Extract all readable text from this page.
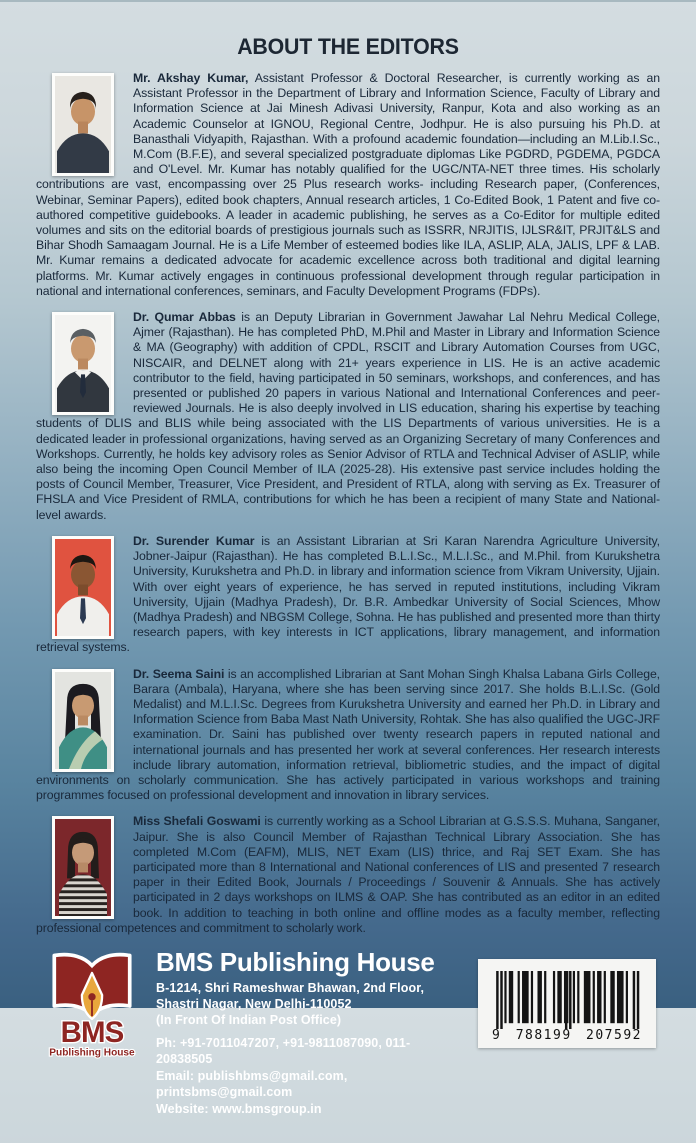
ABOUT THE EDITORS

Mr. Akshay Kumar, Assistant Professor & Doctoral Researcher, is currently working as an Assistant Professor in the Department of Library and Information Science, Faculty of Library and Information Science at Jai Minesh Adivasi University, Ranpur, Kota and also working as an Academic Counselor at IGNOU, Regional Centre, Jodhpur. He is also pursuing his Ph.D. at Banasthali Vidyapith, Rajasthan. With a profound academic foundation—including an M.Lib.I.Sc., M.Com (B.F.E), and several specialized postgraduate diplomas Like PGDRD, PGDEMA, PGDCA and O'Level. Mr. Kumar has notably qualified for the UGC/NTA-NET three times. His scholarly contributions are vast, encompassing over 25 Plus research works- including Research paper, (Conferences, Webinar, Seminar Papers), edited book chapters, Annual research articles, 1 Co-Edited Book, 1 Patent and five co-authored competitive guidebooks. A leader in academic publishing, he serves as a Co-Editor for multiple edited volumes and sits on the editorial boards of prestigious journals such as ISSRR, NRJITIS, IJLSR&IT, PRJIT&LS and Bihar Shodh Samaagam Journal. He is a Life Member of esteemed bodies like ILA, ASLIP, ALA, JALIS, LPF & LAB. Mr. Kumar remains a dedicated advocate for academic excellence across both traditional and digital learning platforms. Mr. Kumar actively engages in continuous professional development through regular participation in national and international conferences, seminars, and Faculty Development Programs (FDPs).

Dr. Qumar Abbas is an Deputy Librarian in Government Jawahar Lal Nehru Medical College, Ajmer (Rajasthan). He has completed PhD, M.Phil and Master in Library and Information Science & MA (Geography) with addition of CPDL, RSCIT and Library Automation Courses from UGC, NISCAIR, and DELNET along with 21+ years experience in LIS. He is an active academic contributor to the field, having participated in 50 seminars, workshops, and conferences, and has presented or published 20 papers in various National and International Conferences and peer-reviewed Journals. He is also deeply involved in LIS education, sharing his expertise by teaching students of DLIS and BLIS while being associated with the LIS Departments of various universities. He is a dedicated leader in professional organizations, having served as an Organizing Secretary of many Conferences and Workshops. Currently, he holds key advisory roles as Senior Advisor of RTLA and Technical Adviser of ASLIP, while also being the incoming Open Council Member of ILA (2025-28). His extensive past service includes holding the posts of Council Member, Treasurer, Vice President, and President of RTLA, along with serving as Ex. Treasurer of FHSLA and Vice President of RMLA, contributions for which he has been a recipient of many State and National-level awards.

Dr. Surender Kumar is an Assistant Librarian at Sri Karan Narendra Agriculture University, Jobner-Jaipur (Rajasthan). He has completed B.L.I.Sc., M.L.I.Sc., and M.Phil. from Kurukshetra University, Kurukshetra and Ph.D. in library and information science from Vikram University, Ujjain. With over eight years of experience, he has served in reputed institutions, including Vikram University, Ujjain (Madhya Pradesh), Dr. B.R. Ambedkar University of Social Sciences, Mhow (Madhya Pradesh) and NBGSM College, Sohna. He has published and presented more than thirty research papers, with key interests in ICT applications, library management, and information retrieval systems.

Dr. Seema Saini is an accomplished Librarian at Sant Mohan Singh Khalsa Labana Girls College, Barara (Ambala), Haryana, where she has been serving since 2017. She holds B.L.I.Sc. (Gold Medalist) and M.L.I.Sc. Degrees from Kurukshetra University and earned her Ph.D. in Library and Information Science from Baba Mast Nath University, Rohtak. She has also qualified the UGC-JRF examination. Dr. Saini has published over twenty research papers in reputed national and international journals and has presented her work at several conferences. Her research interests include library automation, information retrieval, bibliometric studies, and the impact of digital environments on scholarly communication. She has actively participated in various workshops and training programmes focused on professional development and innovation in library services.

Miss Shefali Goswami is currently working as a School Librarian at G.S.S.S. Muhana, Sanganer, Jaipur. She is also Council Member of Rajasthan Technical Library Association. She has completed M.Com (EAFM), MLIS, NET Exam (LIS) thrice, and Raj SET Exam. She has participated more than 8 International and National conferences of LIS and presented 7 research paper in their Edited Book, Journals / Proceedings / Souvenir & Annuals. She has actively participated in 2 days workshops on ILMS & OAP. She has contributed as an editor in an edited book. In addition to teaching in both online and offline modes as a faculty member, reflecting professional competences and commitment to scholarly work.

BMS
Publishing House
BMS Publishing House
B-1214, Shri Rameshwar Bhawan, 2nd Floor,
Shastri Nagar, New Delhi-110052
(In Front Of Indian Post Office)
Ph: +91-7011047207, +91-9811087090, 011-20838505
Email: publishbms@gmail.com, printsbms@gmail.com
Website: www.bmsgroup.in
9 788199 207592
